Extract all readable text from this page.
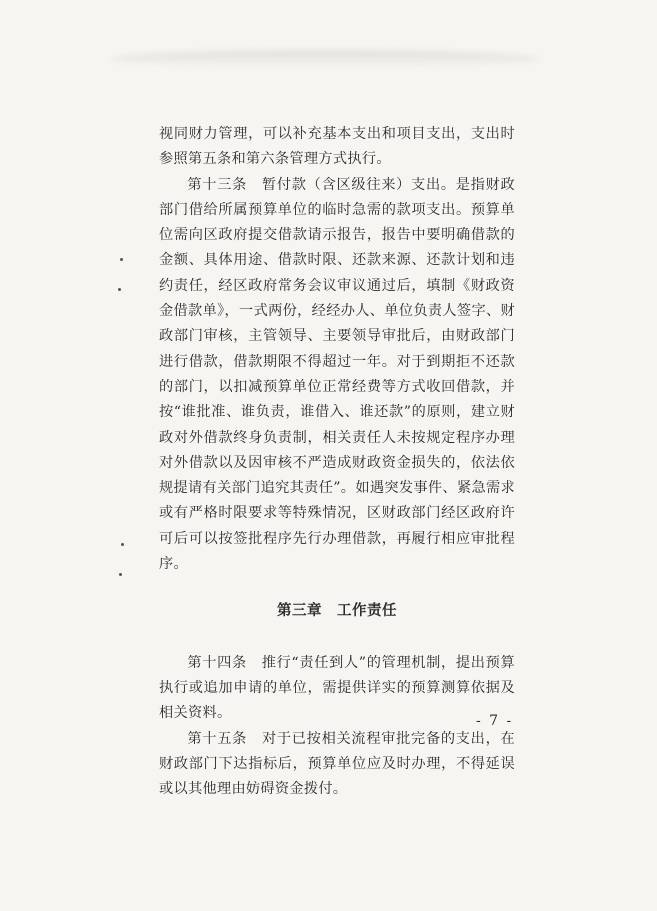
视同财力管理，可以补充基本支出和项目支出，支出时参照第五条和第六条管理方式执行。

第十三条　暂付款（含区级往来）支出。是指财政部门借给所属预算单位的临时急需的款项支出。预算单位需向区政府提交借款请示报告，报告中要明确借款的金额、具体用途、借款时限、还款来源、还款计划和违约责任，经区政府常务会议审议通过后，填制《财政资金借款单》，一式两份，经经办人、单位负责人签字、财政部门审核，主管领导、主要领导审批后，由财政部门进行借款，借款期限不得超过一年。对于到期拒不还款的部门，以扣减预算单位正常经费等方式收回借款，并按“谁批准、谁负责，谁借入、谁还款”的原则，建立财政对外借款终身负责制，相关责任人未按规定程序办理对外借款以及因审核不严造成财政资金损失的，依法依规提请有关部门追究其责任”。如遇突发事件、紧急需求或有严格时限要求等特殊情况，区财政部门经区政府许可后可以按签批程序先行办理借款，再履行相应审批程序。

第三章　工作责任

第十四条　推行“责任到人”的管理机制，提出预算执行或追加申请的单位，需提供详实的预算测算依据及相关资料。

第十五条　对于已按相关流程审批完备的支出，在财政部门下达指标后，预算单位应及时办理，不得延误或以其他理由妨碍资金拨付。

- 7 -
